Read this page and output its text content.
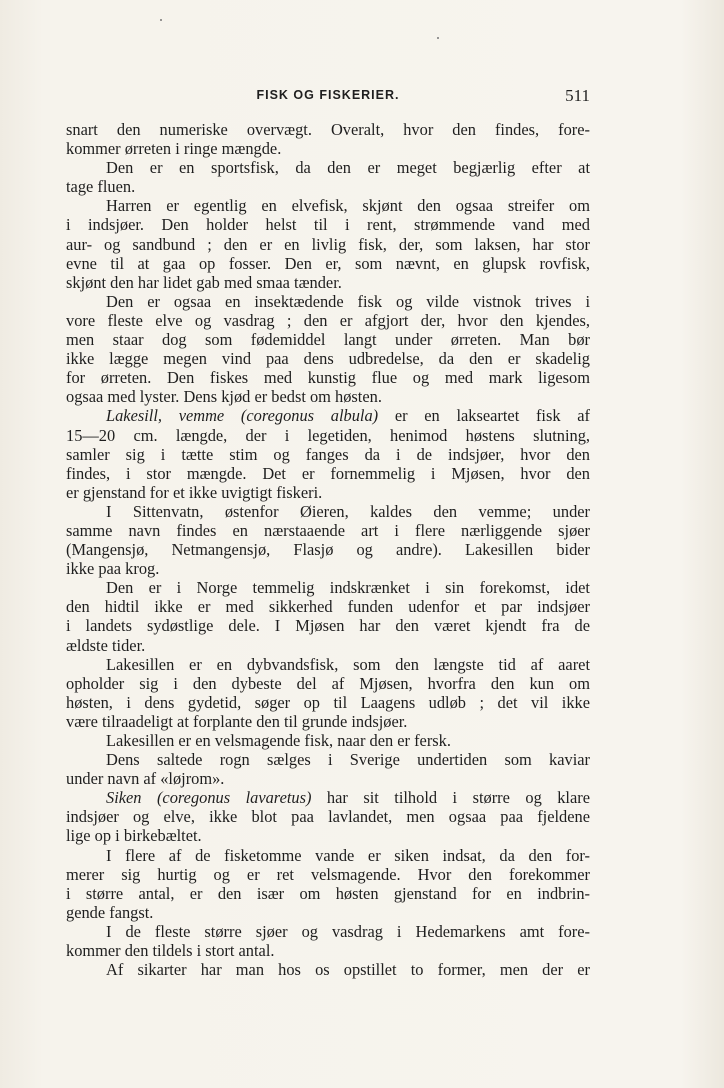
FISK OG FISKERIER.	511
snart den numeriske overvægt. Overalt, hvor den findes, fore-
kommer ørreten i ringe mængde.
Den er en sportsfisk, da den er meget begjærlig efter at
tage fluen.
Harren er egentlig en elvefisk, skjønt den ogsaa streifer om
i indsjøer. Den holder helst til i rent, strømmende vand med
aur- og sandbund ; den er en livlig fisk, der, som laksen, har stor
evne til at gaa op fosser. Den er, som nævnt, en glupsk rovfisk,
skjønt den har lidet gab med smaa tænder.
Den er ogsaa en insektædende fisk og vilde vistnok trives i
vore fleste elve og vasdrag ; den er afgjort der, hvor den kjendes,
men staar dog som fødemiddel langt under ørreten. Man bør
ikke lægge megen vind paa dens udbredelse, da den er skadelig
for ørreten. Den fiskes med kunstig flue og med mark ligesom
ogsaa med lyster. Dens kjød er bedst om høsten.
Lakesill, vemme (coregonus albula) er en lakseartet fisk af
15—20 cm. længde, der i legetiden, henimod høstens slutning,
samler sig i tætte stim og fanges da i de indsjøer, hvor den
findes, i stor mængde. Det er fornemmelig i Mjøsen, hvor den
er gjenstand for et ikke uvigtigt fiskeri.
I Sittenvatn, østenfor Øieren, kaldes den vemme; under
samme navn findes en nærstaaende art i flere nærliggende sjøer
(Mangensjø, Netmangensjø, Flasjø og andre). Lakesillen bider
ikke paa krog.
Den er i Norge temmelig indskrænket i sin forekomst, idet
den hidtil ikke er med sikkerhed funden udenfor et par indsjøer
i landets sydøstlige dele. I Mjøsen har den været kjendt fra de
ældste tider.
Lakesillen er en dybvandsfisk, som den længste tid af aaret
opholder sig i den dybeste del af Mjøsen, hvorfra den kun om
høsten, i dens gydetid, søger op til Laagens udløb ; det vil ikke
være tilraadeligt at forplante den til grunde indsjøer.
Lakesillen er en velsmagende fisk, naar den er fersk.
Dens saltede rogn sælges i Sverige undertiden som kaviar
under navn af «løjrom».
Siken (coregonus lavaretus) har sit tilhold i større og klare
indsjøer og elve, ikke blot paa lavlandet, men ogsaa paa fjeldene
lige op i birkebæltet.
I flere af de fisketomme vande er siken indsat, da den for-
merer sig hurtig og er ret velsmagende. Hvor den forekommer
i større antal, er den især om høsten gjenstand for en indbrin-
gende fangst.
I de fleste større sjøer og vasdrag i Hedemarkens amt fore-
kommer den tildels i stort antal.
Af sikarter har man hos os opstillet to former, men der er
